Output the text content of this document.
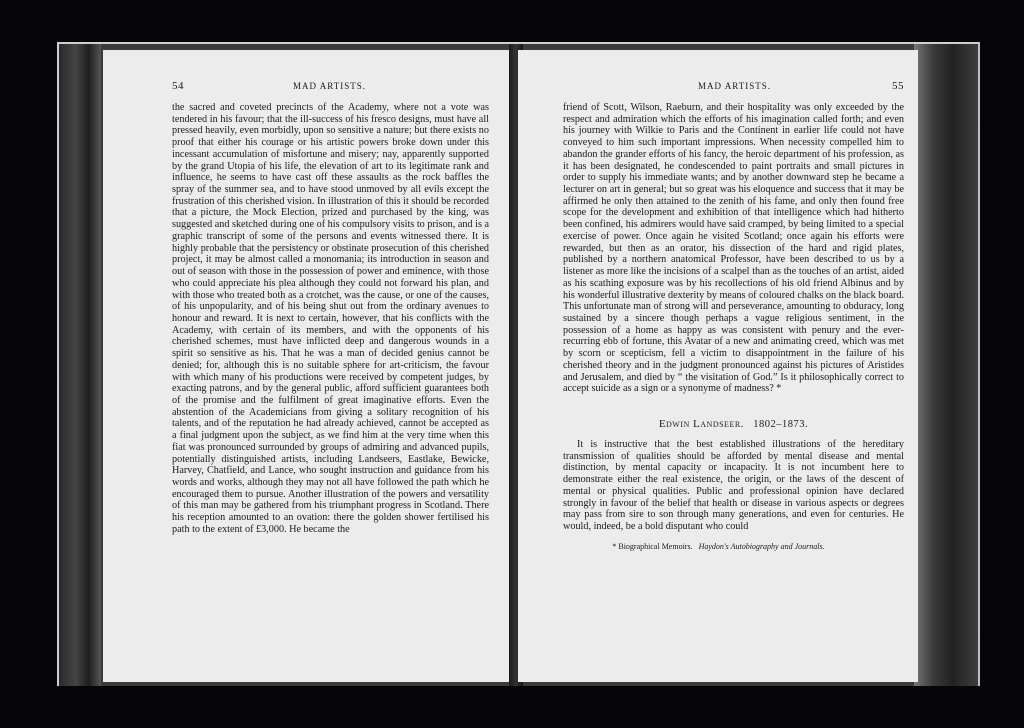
54	MAD ARTISTS.

the sacred and coveted precincts of the Academy, where not a vote was tendered in his favour; that the ill-success of his fresco designs, must have all pressed heavily, even morbidly, upon so sensitive a nature; but there exists no proof that either his courage or his artistic powers broke down under this incessant accumulation of misfortune and misery; nay, apparently supported by the grand Utopia of his life, the elevation of art to its legitimate rank and influence, he seems to have cast off these assaults as the rock baffles the spray of the summer sea, and to have stood unmoved by all evils except the frustration of this cherished vision. In illustration of this it should be recorded that a picture, the Mock Election, prized and purchased by the king, was suggested and sketched during one of his compulsory visits to prison, and is a graphic transcript of some of the persons and events witnessed there. It is highly probable that the persistency or obstinate prosecution of this cherished project, it may be almost called a monomania; its introduction in season and out of season with those in the possession of power and eminence, with those who could appreciate his plea although they could not forward his plan, and with those who treated both as a crotchet, was the cause, or one of the causes, of his unpopularity, and of his being shut out from the ordinary avenues to honour and reward. It is next to certain, however, that his conflicts with the Academy, with certain of its members, and with the opponents of his cherished schemes, must have inflicted deep and dangerous wounds in a spirit so sensitive as his. That he was a man of decided genius cannot be denied; for, although this is no suitable sphere for art-criticism, the favour with which many of his productions were received by competent judges, by exacting patrons, and by the general public, afford sufficient guarantees both of the promise and the fulfilment of great imaginative efforts. Even the abstention of the Academicians from giving a solitary recognition of his talents, and of the reputation he had already achieved, cannot be accepted as a final judgment upon the subject, as we find him at the very time when this fiat was pronounced surrounded by groups of admiring and advanced pupils, potentially distinguished artists, including Landseers, Eastlake, Bewicke, Harvey, Chatfield, and Lance, who sought instruction and guidance from his words and works, although they may not all have followed the path which he encouraged them to pursue. Another illustration of the powers and versatility of this man may be gathered from his triumphant progress in Scotland. There his reception amounted to an ovation: there the golden shower fertilised his path to the extent of £3,000. He became the

MAD ARTISTS.	55

friend of Scott, Wilson, Raeburn, and their hospitality was only exceeded by the respect and admiration which the efforts of his imagination called forth; and even his journey with Wilkie to Paris and the Continent in earlier life could not have conveyed to him such important impressions. When necessity compelled him to abandon the grander efforts of his fancy, the heroic department of his profession, as it has been designated, he condescended to paint portraits and small pictures in order to supply his immediate wants; and by another downward step he became a lecturer on art in general; but so great was his eloquence and success that it may be affirmed he only then attained to the zenith of his fame, and only then found free scope for the development and exhibition of that intelligence which had hitherto been confined, his admirers would have said cramped, by being limited to a special exercise of power. Once again he visited Scotland; once again his efforts were rewarded, but then as an orator, his dissection of the hard and rigid plates, published by a northern anatomical Professor, have been described to us by a listener as more like the incisions of a scalpel than as the touches of an artist, aided as his scathing exposure was by his recollections of his old friend Albinus and by his wonderful illustrative dexterity by means of coloured chalks on the black board. This unfortunate man of strong will and perseverance, amounting to obduracy, long sustained by a sincere though perhaps a vague religious sentiment, in the possession of a home as happy as was consistent with penury and the ever-recurring ebb of fortune, this Avatar of a new and animating creed, which was met by scorn or scepticism, fell a victim to disappointment in the failure of his cherished theory and in the judgment pronounced against his pictures of Aristides and Jerusalem, and died by “ the visitation of God.” Is it philosophically correct to accept suicide as a sign or a synonyme of madness? *

Edwin Landseer. 1802–1873.

It is instructive that the best established illustrations of the hereditary transmission of qualities should be afforded by mental disease and mental distinction, by mental capacity or incapacity. It is not incumbent here to demonstrate either the real existence, the origin, or the laws of the descent of mental or physical qualities. Public and professional opinion have declared strongly in favour of the belief that health or disease in various aspects or degrees may pass from sire to son through many generations, and even for centuries. He would, indeed, be a bold disputant who could

* Biographical Memoirs. Haydon's Autobiography and Journals.
